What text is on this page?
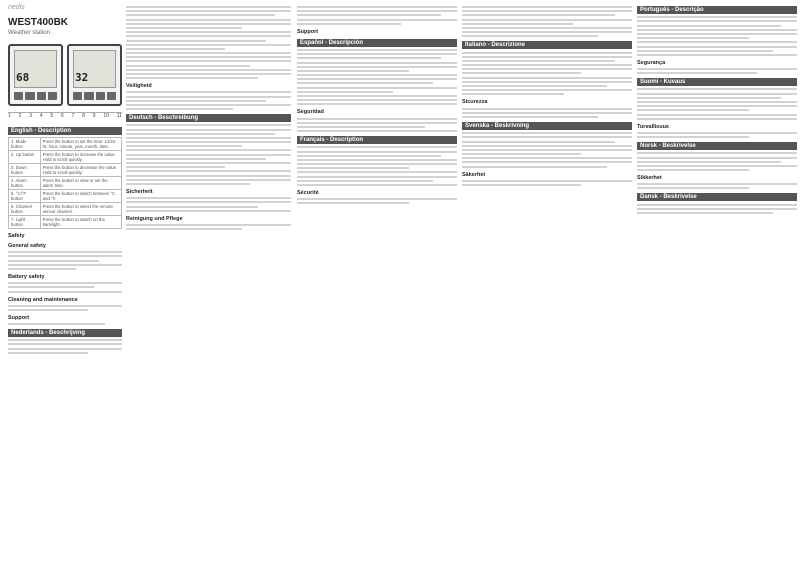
nedis
WEST400BK
Weather station
68	32
1 2 3 4 5 6 7 8 9 10 11
English - Description
1. Mode button	Press the button to set the time: 12/24 hr, hour, minute, year, month, date.
2. Up button	Press the button to increase the value. Hold to scroll quickly.
3. Down button	Press the button to decrease the value. Hold to scroll quickly.
4. Alarm button	Press the button to view or set the alarm time.
5. °C/°F button	Press the button to switch between °C and °F.
6. Channel button	Press the button to select the remote sensor channel.
7. Light button	Press the button to switch on the backlight.
Safety
General safety
Battery safety
Cleaning and maintenance
Support
Nederlands - Beschrijving
Veiligheid
Deutsch - Beschreibung
Sicherheit
Reinigung und Pflege
Support
Español - Descripción
Seguridad
Français - Description
Sécurité
Italiano - Descrizione
Sicurezza
Svenska - Beskrivning
Säkerhet
Português - Descrição
Segurança
Suomi - Kuvaus
Turvallisuus
Norsk - Beskrivelse
Sikkerhet
Dansk - Beskrivelse
